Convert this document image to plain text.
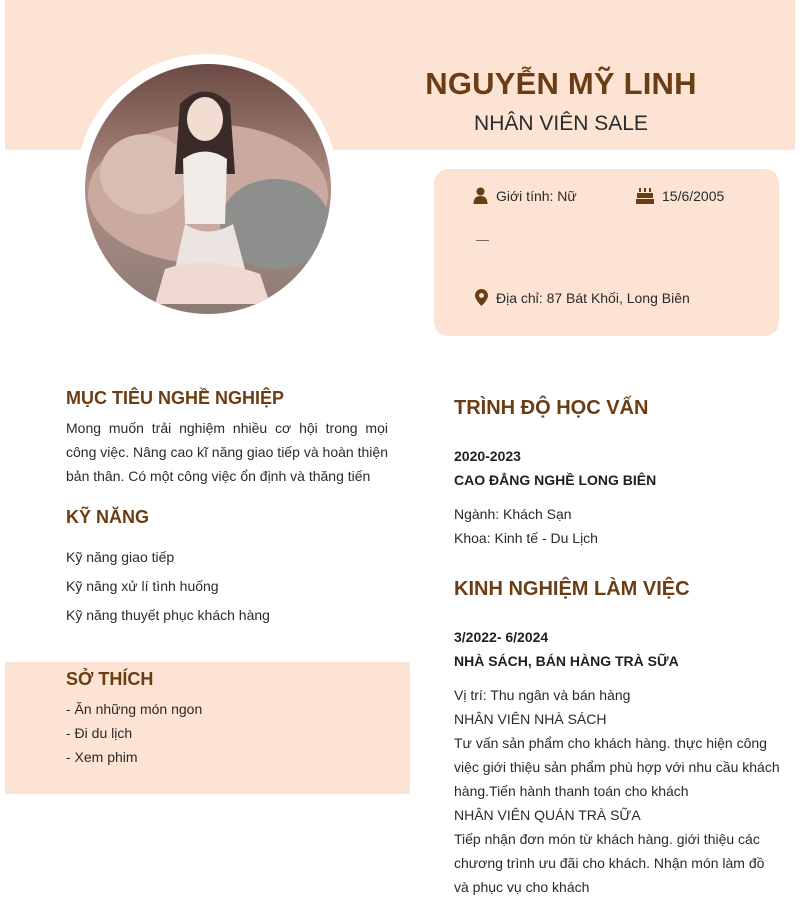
NGUYỄN MỸ LINH
NHÂN VIÊN SALE
Giới tính: Nữ	15/6/2005
—
Địa chỉ: 87 Bát Khối, Long Biên
MỤC TIÊU NGHỀ NGHIỆP
Mong muốn trải nghiệm nhiều cơ hội trong mọi công việc. Nâng cao kĩ năng giao tiếp và hoàn thiện bản thân. Có một công việc ổn định và thăng tiến
KỸ NĂNG
Kỹ năng giao tiếp
Kỹ năng xử lí tình huống
Kỹ năng thuyết phục khách hàng
SỞ THÍCH
- Ăn những món ngon
- Đi du lịch
- Xem phim
TRÌNH ĐỘ HỌC VẤN
2020-2023
CAO ĐẲNG NGHỀ LONG BIÊN
Ngành: Khách Sạn
Khoa: Kinh tế - Du Lịch
KINH NGHIỆM LÀM VIỆC
3/2022- 6/2024
NHÀ SÁCH, BÁN HÀNG TRÀ SỮA
Vị trí: Thu ngân và bán hàng
NHÂN VIÊN NHÀ SÁCH
Tư vấn sản phẩm cho khách hàng. thực hiện công việc giới thiệu sản phẩm phù hợp với nhu cầu khách hàng.Tiến hành thanh toán cho khách
NHÂN VIÊN QUÁN TRÀ SỮA
Tiếp nhận đơn món từ khách hàng. giới thiệu các chương trình ưu đãi cho khách. Nhận món làm đồ và phục vụ cho khách
